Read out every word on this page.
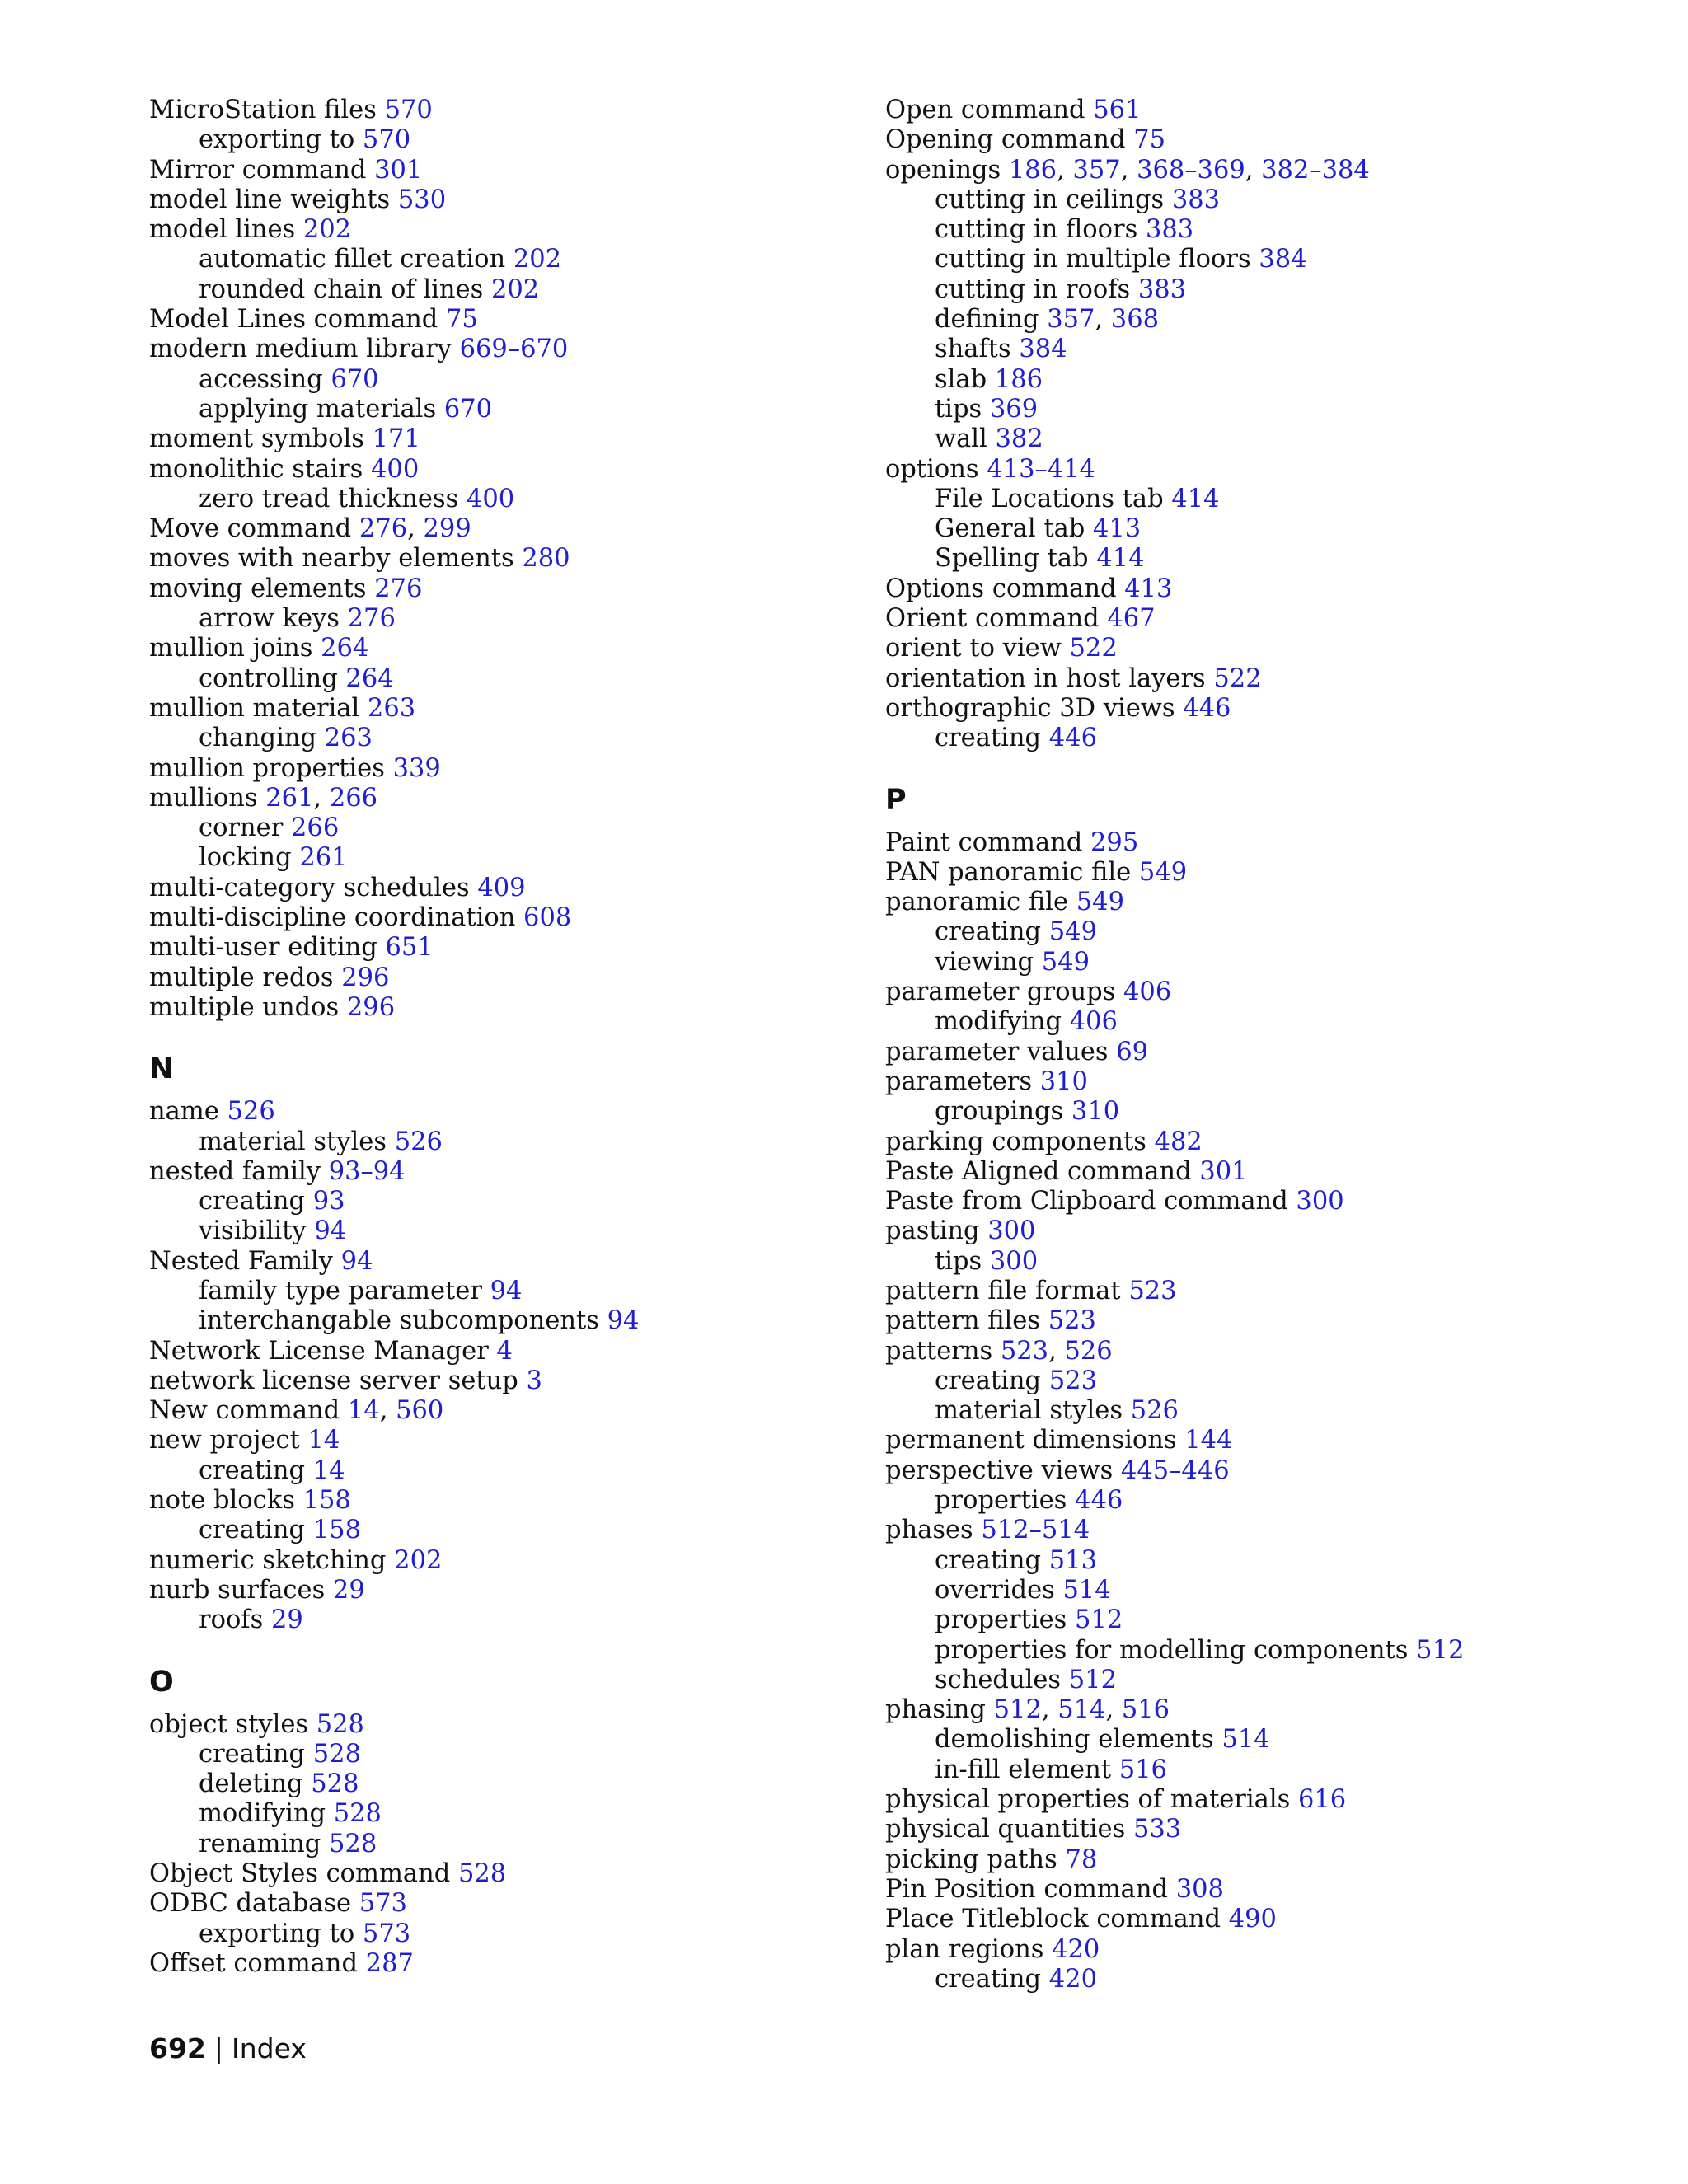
MicroStation files 570
exporting to 570
Mirror command 301
model line weights 530
model lines 202
automatic fillet creation 202
rounded chain of lines 202
Model Lines command 75
modern medium library 669–670
accessing 670
applying materials 670
moment symbols 171
monolithic stairs 400
zero tread thickness 400
Move command 276, 299
moves with nearby elements 280
moving elements 276
arrow keys 276
mullion joins 264
controlling 264
mullion material 263
changing 263
mullion properties 339
mullions 261, 266
corner 266
locking 261
multi-category schedules 409
multi-discipline coordination 608
multi-user editing 651
multiple redos 296
multiple undos 296
N
name 526
material styles 526
nested family 93–94
creating 93
visibility 94
Nested Family 94
family type parameter 94
interchangable subcomponents 94
Network License Manager 4
network license server setup 3
New command 14, 560
new project 14
creating 14
note blocks 158
creating 158
numeric sketching 202
nurb surfaces 29
roofs 29
O
object styles 528
creating 528
deleting 528
modifying 528
renaming 528
Object Styles command 528
ODBC database 573
exporting to 573
Offset command 287
Open command 561
Opening command 75
openings 186, 357, 368–369, 382–384
cutting in ceilings 383
cutting in floors 383
cutting in multiple floors 384
cutting in roofs 383
defining 357, 368
shafts 384
slab 186
tips 369
wall 382
options 413–414
File Locations tab 414
General tab 413
Spelling tab 414
Options command 413
Orient command 467
orient to view 522
orientation in host layers 522
orthographic 3D views 446
creating 446
P
Paint command 295
PAN panoramic file 549
panoramic file 549
creating 549
viewing 549
parameter groups 406
modifying 406
parameter values 69
parameters 310
groupings 310
parking components 482
Paste Aligned command 301
Paste from Clipboard command 300
pasting 300
tips 300
pattern file format 523
pattern files 523
patterns 523, 526
creating 523
material styles 526
permanent dimensions 144
perspective views 445–446
properties 446
phases 512–514
creating 513
overrides 514
properties 512
properties for modelling components 512
schedules 512
phasing 512, 514, 516
demolishing elements 514
in-fill element 516
physical properties of materials 616
physical quantities 533
picking paths 78
Pin Position command 308
Place Titleblock command 490
plan regions 420
creating 420
692 | Index
